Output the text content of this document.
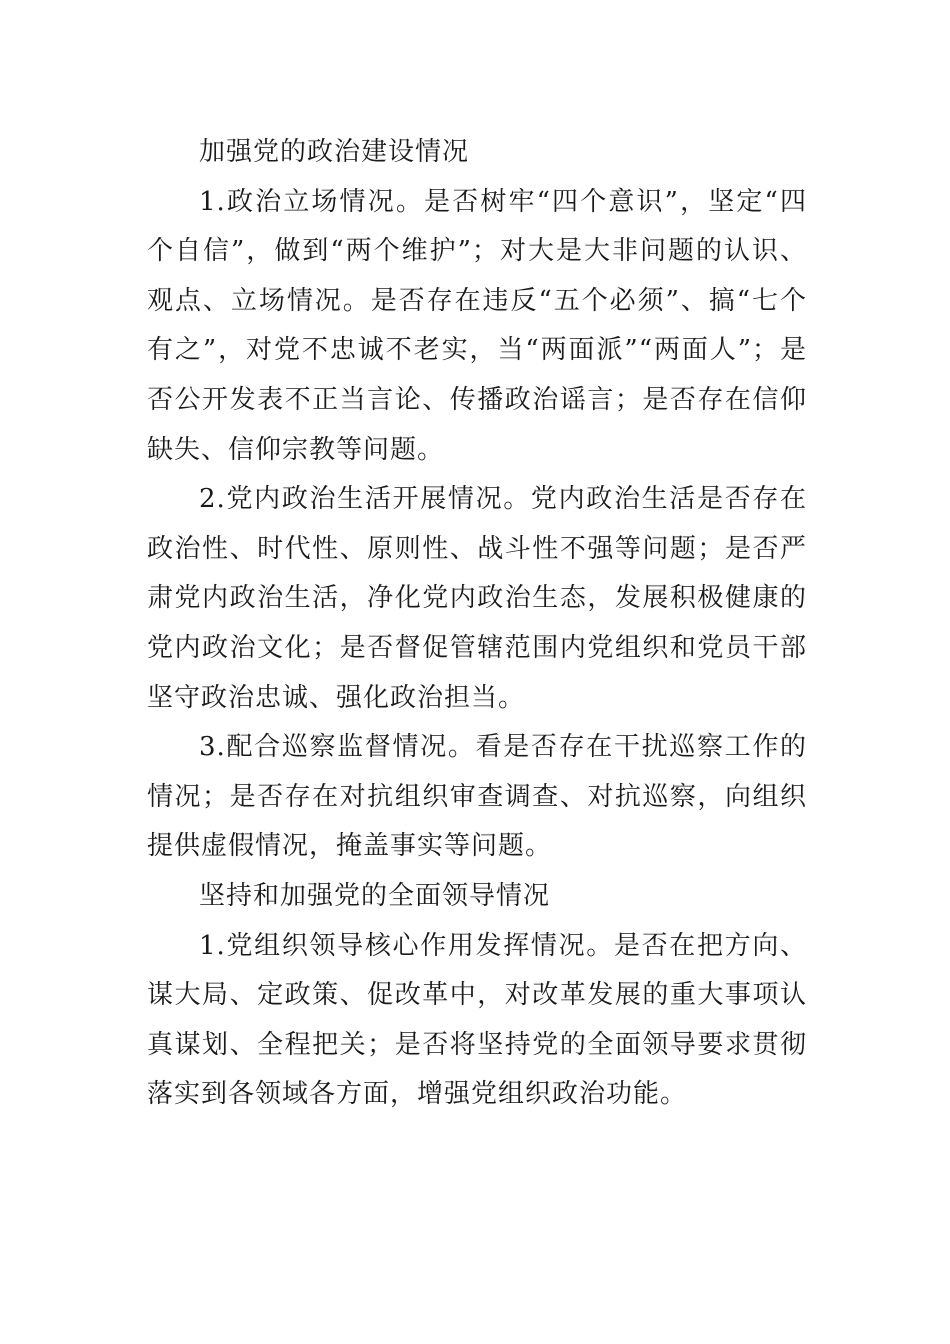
加强党的政治建设情况

1.政治立场情况。是否树牢“四个意识”，坚定“四个自信”，做到“两个维护”；对大是大非问题的认识、观点、立场情况。是否存在违反“五个必须”、搞“七个有之”，对党不忠诚不老实，当“两面派”“两面人”；是否公开发表不正当言论、传播政治谣言；是否存在信仰缺失、信仰宗教等问题。

2.党内政治生活开展情况。党内政治生活是否存在政治性、时代性、原则性、战斗性不强等问题；是否严肃党内政治生活，净化党内政治生态，发展积极健康的党内政治文化；是否督促管辖范围内党组织和党员干部坚守政治忠诚、强化政治担当。

3.配合巡察监督情况。看是否存在干扰巡察工作的情况；是否存在对抗组织审查调查、对抗巡察，向组织提供虚假情况，掩盖事实等问题。

坚持和加强党的全面领导情况

1.党组织领导核心作用发挥情况。是否在把方向、谋大局、定政策、促改革中，对改革发展的重大事项认真谋划、全程把关；是否将坚持党的全面领导要求贯彻落实到各领域各方面，增强党组织政治功能。
